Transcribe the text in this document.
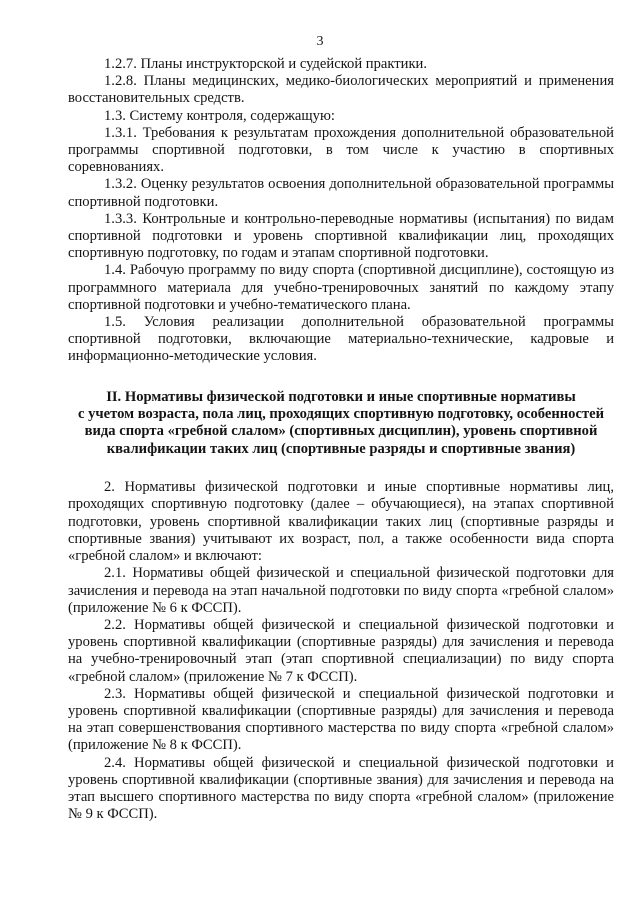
3

1.2.7. Планы инструкторской и судейской практики.

1.2.8. Планы медицинских, медико-биологических мероприятий и применения восстановительных средств.

1.3. Систему контроля, содержащую:

1.3.1. Требования к результатам прохождения дополнительной образовательной программы спортивной подготовки, в том числе к участию в спортивных соревнованиях.

1.3.2. Оценку результатов освоения дополнительной образовательной программы спортивной подготовки.

1.3.3. Контрольные и контрольно-переводные нормативы (испытания) по видам спортивной подготовки и уровень спортивной квалификации лиц, проходящих спортивную подготовку, по годам и этапам спортивной подготовки.

1.4. Рабочую программу по виду спорта (спортивной дисциплине), состоящую из программного материала для учебно-тренировочных занятий по каждому этапу спортивной подготовки и учебно-тематического плана.

1.5. Условия реализации дополнительной образовательной программы спортивной подготовки, включающие материально-технические, кадровые и информационно-методические условия.

II. Нормативы физической подготовки и иные спортивные нормативы
с учетом возраста, пола лиц, проходящих спортивную подготовку, особенностей
вида спорта «гребной слалом» (спортивных дисциплин), уровень спортивной
квалификации таких лиц (спортивные разряды и спортивные звания)

2. Нормативы физической подготовки и иные спортивные нормативы лиц, проходящих спортивную подготовку (далее – обучающиеся), на этапах спортивной подготовки, уровень спортивной квалификации таких лиц (спортивные разряды и спортивные звания) учитывают их возраст, пол, а также особенности вида спорта «гребной слалом» и включают:

2.1. Нормативы общей физической и специальной физической подготовки для зачисления и перевода на этап начальной подготовки по виду спорта «гребной слалом» (приложение № 6 к ФССП).

2.2. Нормативы общей физической и специальной физической подготовки и уровень спортивной квалификации (спортивные разряды) для зачисления и перевода на учебно-тренировочный этап (этап спортивной специализации) по виду спорта «гребной слалом» (приложение № 7 к ФССП).

2.3. Нормативы общей физической и специальной физической подготовки и уровень спортивной квалификации (спортивные разряды) для зачисления и перевода на этап совершенствования спортивного мастерства по виду спорта «гребной слалом» (приложение № 8 к ФССП).

2.4. Нормативы общей физической и специальной физической подготовки и уровень спортивной квалификации (спортивные звания) для зачисления и перевода на этап высшего спортивного мастерства по виду спорта «гребной слалом» (приложение № 9 к ФССП).
